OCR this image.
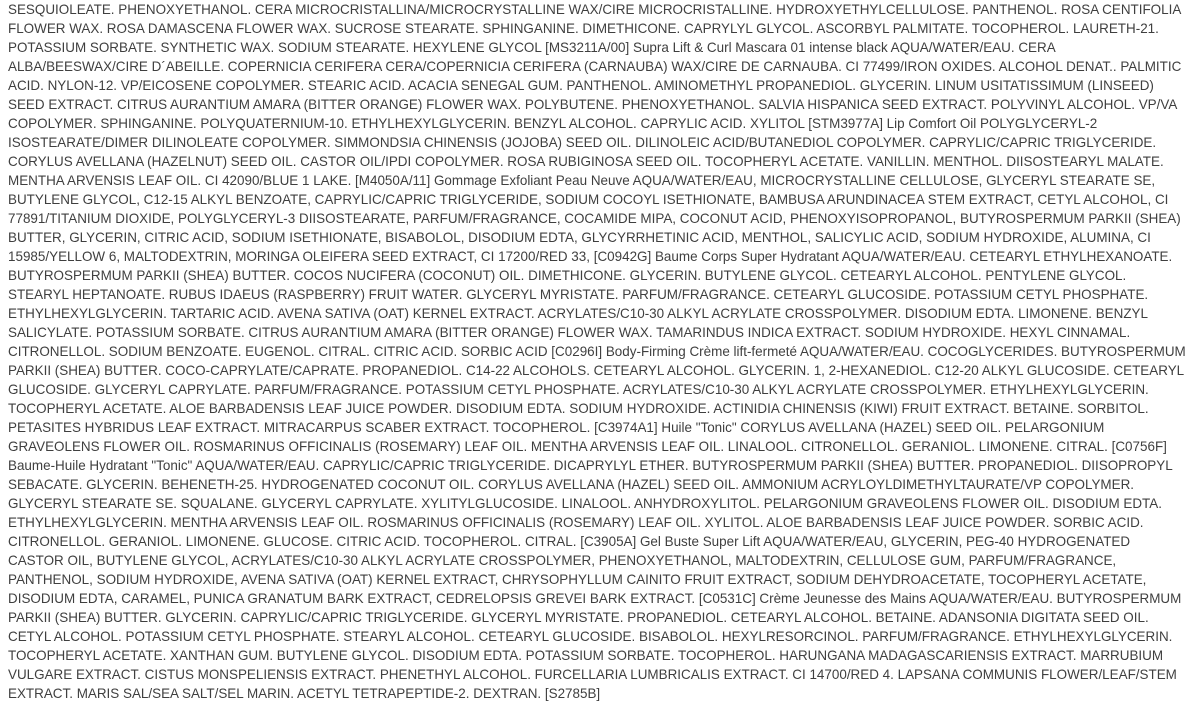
SESQUIOLEATE. PHENOXYETHANOL. CERA MICROCRISTALLINA/MICROCRYSTALLINE WAX/CIRE MICROCRISTALLINE. HYDROXYETHYLCELLULOSE. PANTHENOL. ROSA CENTIFOLIA FLOWER WAX. ROSA DAMASCENA FLOWER WAX. SUCROSE STEARATE. SPHINGANINE. DIMETHICONE. CAPRYLYL GLYCOL. ASCORBYL PALMITATE. TOCOPHEROL. LAURETH-21. POTASSIUM SORBATE. SYNTHETIC WAX. SODIUM STEARATE. HEXYLENE GLYCOL [MS3211A/00] Supra Lift & Curl Mascara 01 intense black AQUA/WATER/EAU. CERA ALBA/BEESWAX/CIRE D´ABEILLE. COPERNICIA CERIFERA CERA/COPERNICIA CERIFERA (CARNAUBA) WAX/CIRE DE CARNAUBA. CI 77499/IRON OXIDES. ALCOHOL DENAT.. PALMITIC ACID. NYLON-12. VP/EICOSENE COPOLYMER. STEARIC ACID. ACACIA SENEGAL GUM. PANTHENOL. AMINOMETHYL PROPANEDIOL. GLYCERIN. LINUM USITATISSIMUM (LINSEED) SEED EXTRACT. CITRUS AURANTIUM AMARA (BITTER ORANGE) FLOWER WAX. POLYBUTENE. PHENOXYETHANOL. SALVIA HISPANICA SEED EXTRACT. POLYVINYL ALCOHOL. VP/VA COPOLYMER. SPHINGANINE. POLYQUATERNIUM-10. ETHYLHEXYLGLYCERIN. BENZYL ALCOHOL. CAPRYLIC ACID. XYLITOL [STM3977A] Lip Comfort Oil POLYGLYCERYL-2 ISOSTEARATE/DIMER DILINOLEATE COPOLYMER. SIMMONDSIA CHINENSIS (JOJOBA) SEED OIL. DILINOLEIC ACID/BUTANEDIOL COPOLYMER. CAPRYLIC/CAPRIC TRIGLYCERIDE. CORYLUS AVELLANA (HAZELNUT) SEED OIL. CASTOR OIL/IPDI COPOLYMER. ROSA RUBIGINOSA SEED OIL. TOCOPHERYL ACETATE. VANILLIN. MENTHOL. DIISOSTEARYL MALATE. MENTHA ARVENSIS LEAF OIL. CI 42090/BLUE 1 LAKE. [M4050A/11] Gommage Exfoliant Peau Neuve AQUA/WATER/EAU, MICROCRYSTALLINE CELLULOSE, GLYCERYL STEARATE SE, BUTYLENE GLYCOL, C12-15 ALKYL BENZOATE, CAPRYLIC/CAPRIC TRIGLYCERIDE, SODIUM COCOYL ISETHIONATE, BAMBUSA ARUNDINACEA STEM EXTRACT, CETYL ALCOHOL, CI 77891/TITANIUM DIOXIDE, POLYGLYCERYL-3 DIISOSTEARATE, PARFUM/FRAGRANCE, COCAMIDE MIPA, COCONUT ACID, PHENOXYISOPROPANOL, BUTYROSPERMUM PARKII (SHEA) BUTTER, GLYCERIN, CITRIC ACID, SODIUM ISETHIONATE, BISABOLOL, DISODIUM EDTA, GLYCYRRHETINIC ACID, MENTHOL, SALICYLIC ACID, SODIUM HYDROXIDE, ALUMINA, CI 15985/YELLOW 6, MALTODEXTRIN, MORINGA OLEIFERA SEED EXTRACT, CI 17200/RED 33, [C0942G] Baume Corps Super Hydratant AQUA/WATER/EAU. CETEARYL ETHYLHEXANOATE. BUTYROSPERMUM PARKII (SHEA) BUTTER. COCOS NUCIFERA (COCONUT) OIL. DIMETHICONE. GLYCERIN. BUTYLENE GLYCOL. CETEARYL ALCOHOL. PENTYLENE GLYCOL. STEARYL HEPTANOATE. RUBUS IDAEUS (RASPBERRY) FRUIT WATER. GLYCERYL MYRISTATE. PARFUM/FRAGRANCE. CETEARYL GLUCOSIDE. POTASSIUM CETYL PHOSPHATE. ETHYLHEXYLGLYCERIN. TARTARIC ACID. AVENA SATIVA (OAT) KERNEL EXTRACT. ACRYLATES/C10-30 ALKYL ACRYLATE CROSSPOLYMER. DISODIUM EDTA. LIMONENE. BENZYL SALICYLATE. POTASSIUM SORBATE. CITRUS AURANTIUM AMARA (BITTER ORANGE) FLOWER WAX. TAMARINDUS INDICA EXTRACT. SODIUM HYDROXIDE. HEXYL CINNAMAL. CITRONELLOL. SODIUM BENZOATE. EUGENOL. CITRAL. CITRIC ACID. SORBIC ACID [C0296I] Body-Firming Crème lift-fermeté AQUA/WATER/EAU. COCOGLYCERIDES. BUTYROSPERMUM PARKII (SHEA) BUTTER. COCO-CAPRYLATE/CAPRATE. PROPANEDIOL. C14-22 ALCOHOLS. CETEARYL ALCOHOL. GLYCERIN. 1, 2-HEXANEDIOL. C12-20 ALKYL GLUCOSIDE. CETEARYL GLUCOSIDE. GLYCERYL CAPRYLATE. PARFUM/FRAGRANCE. POTASSIUM CETYL PHOSPHATE. ACRYLATES/C10-30 ALKYL ACRYLATE CROSSPOLYMER. ETHYLHEXYLGLYCERIN. TOCOPHERYL ACETATE. ALOE BARBADENSIS LEAF JUICE POWDER. DISODIUM EDTA. SODIUM HYDROXIDE. ACTINIDIA CHINENSIS (KIWI) FRUIT EXTRACT. BETAINE. SORBITOL. PETASITES HYBRIDUS LEAF EXTRACT. MITRACARPUS SCABER EXTRACT. TOCOPHEROL. [C3974A1] Huile "Tonic" CORYLUS AVELLANA (HAZEL) SEED OIL. PELARGONIUM GRAVEOLENS FLOWER OIL. ROSMARINUS OFFICINALIS (ROSEMARY) LEAF OIL. MENTHA ARVENSIS LEAF OIL. LINALOOL. CITRONELLOL. GERANIOL. LIMONENE. CITRAL. [C0756F] Baume-Huile Hydratant "Tonic" AQUA/WATER/EAU. CAPRYLIC/CAPRIC TRIGLYCERIDE. DICAPRYLYL ETHER. BUTYROSPERMUM PARKII (SHEA) BUTTER. PROPANEDIOL. DIISOPROPYL SEBACATE. GLYCERIN. BEHENETH-25. HYDROGENATED COCONUT OIL. CORYLUS AVELLANA (HAZEL) SEED OIL. AMMONIUM ACRYLOYLDIMETHYLTAURATE/VP COPOLYMER. GLYCERYL STEARATE SE. SQUALANE. GLYCERYL CAPRYLATE. XYLITYLGLUCOSIDE. LINALOOL. ANHYDROXYLITOL. PELARGONIUM GRAVEOLENS FLOWER OIL. DISODIUM EDTA. ETHYLHEXYLGLYCERIN. MENTHA ARVENSIS LEAF OIL. ROSMARINUS OFFICINALIS (ROSEMARY) LEAF OIL. XYLITOL. ALOE BARBADENSIS LEAF JUICE POWDER. SORBIC ACID. CITRONELLOL. GERANIOL. LIMONENE. GLUCOSE. CITRIC ACID. TOCOPHEROL. CITRAL. [C3905A] Gel Buste Super Lift AQUA/WATER/EAU, GLYCERIN, PEG-40 HYDROGENATED CASTOR OIL, BUTYLENE GLYCOL, ACRYLATES/C10-30 ALKYL ACRYLATE CROSSPOLYMER, PHENOXYETHANOL, MALTODEXTRIN, CELLULOSE GUM, PARFUM/FRAGRANCE, PANTHENOL, SODIUM HYDROXIDE, AVENA SATIVA (OAT) KERNEL EXTRACT, CHRYSOPHYLLUM CAINITO FRUIT EXTRACT, SODIUM DEHYDROACETATE, TOCOPHERYL ACETATE, DISODIUM EDTA, CARAMEL, PUNICA GRANATUM BARK EXTRACT, CEDRELOPSIS GREVEI BARK EXTRACT. [C0531C] Crème Jeunesse des Mains AQUA/WATER/EAU. BUTYROSPERMUM PARKII (SHEA) BUTTER. GLYCERIN. CAPRYLIC/CAPRIC TRIGLYCERIDE. GLYCERYL MYRISTATE. PROPANEDIOL. CETEARYL ALCOHOL. BETAINE. ADANSONIA DIGITATA SEED OIL. CETYL ALCOHOL. POTASSIUM CETYL PHOSPHATE. STEARYL ALCOHOL. CETEARYL GLUCOSIDE. BISABOLOL. HEXYLRESORCINOL. PARFUM/FRAGRANCE. ETHYLHEXYLGLYCERIN. TOCOPHERYL ACETATE. XANTHAN GUM. BUTYLENE GLYCOL. DISODIUM EDTA. POTASSIUM SORBATE. TOCOPHEROL. HARUNGANA MADAGASCARIENSIS EXTRACT. MARRUBIUM VULGARE EXTRACT. CISTUS MONSPELIENSIS EXTRACT. PHENETHYL ALCOHOL. FURCELLARIA LUMBRICALIS EXTRACT. CI 14700/RED 4. LAPSANA COMMUNIS FLOWER/LEAF/STEM EXTRACT. MARIS SAL/SEA SALT/SEL MARIN. ACETYL TETRAPEPTIDE-2. DEXTRAN. [S2785B]
